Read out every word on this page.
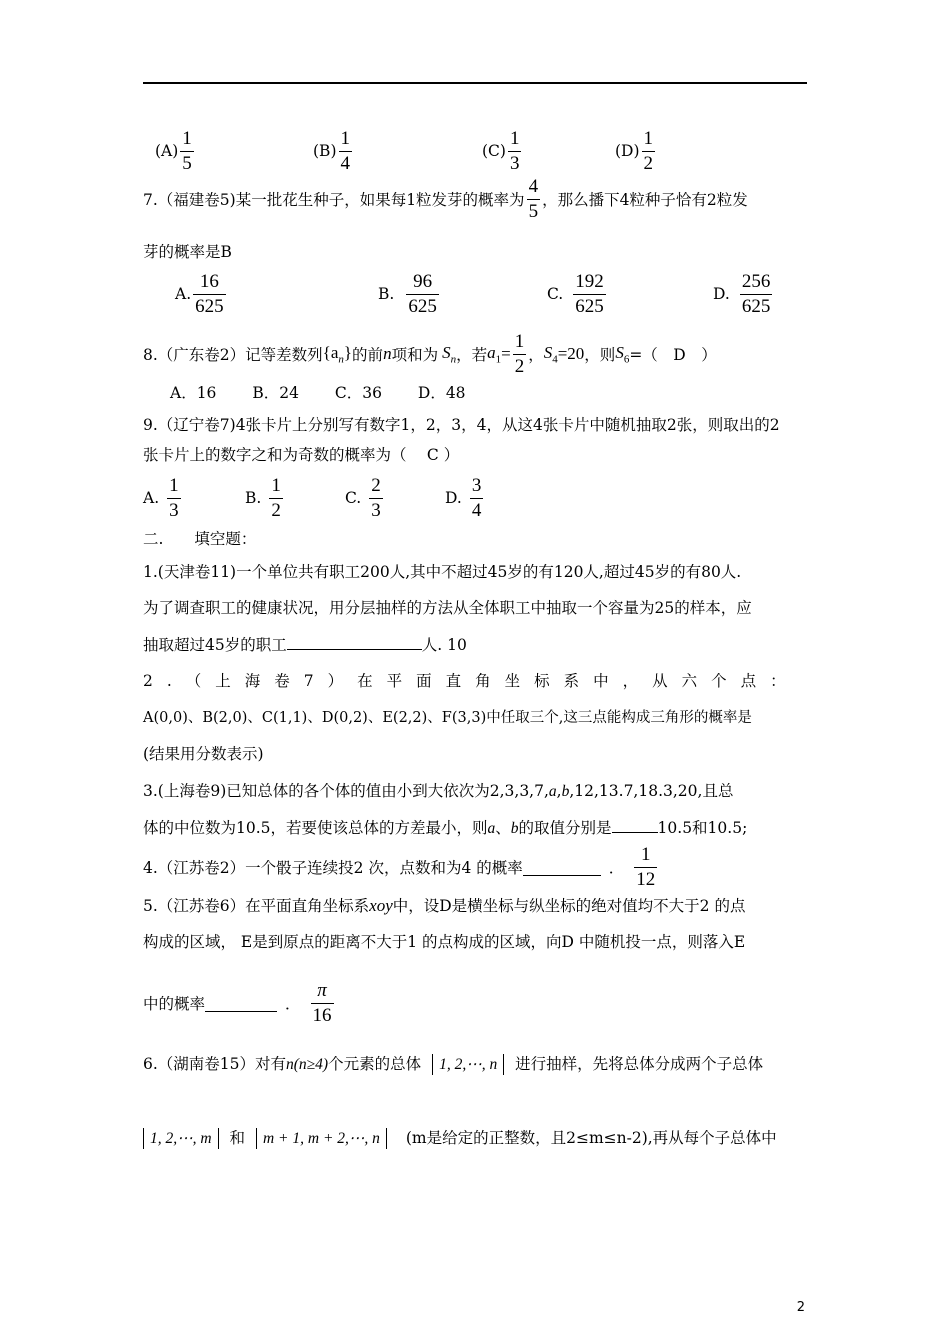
$(A) \frac{1}{5}$	$(B) \frac{1}{4}$	$(C) \frac{1}{3}$	$(D) \frac{1}{2}$
7.（福建卷5)某一批花生种子，如果每1粒发芽的概率为 $\frac{4}{5}$ ，那么播下4粒种子恰有2粒发
芽的概率是B
A. $\frac{16}{625}$	B. $\frac{96}{625}$	C. $\frac{192}{625}$	D. $\frac{256}{625}$
8.（广东卷2）记等差数列 $\{a_n\}$ 的前 n 项和为 $S_n$ ，若 $a_1 = \frac{1}{2}$ ， $S_4 =20$ ，则 $S_6$ =（　D　）
A．16　　 B．24　　 C．36　　 D．48
9.（辽宁卷7)4张卡片上分别写有数字1，2，3，4，从这4张卡片中随机抽取2张，则取出的2
张卡片上的数字之和为奇数的概率为（　 C ）
A. $\frac{1}{3}$	B. $\frac{1}{2}$	C. $\frac{2}{3}$	D. $\frac{3}{4}$
二.　　填空题：
1.(天津卷11)一个单位共有职工200人,其中不超过45岁的有120人,超过45岁的有80人.
为了调查职工的健康状况，用分层抽样的方法从全体职工中抽取一个容量为25的样本，应
抽取超过45岁的职工	人. 10
2.（上海卷7）在平面直角坐标系中，从六个点：
A(0,0)、B(2,0)、C(1,1)、D(0,2)、E(2,2)、F(3,3)中任取三个,这三点能构成三角形的概率是
(结果用分数表示)
3.(上海卷9)已知总体的各个体的值由小到大依次为2,3,3,7,a,b,12,13.7,18.3,20,且总
体的中位数为10.5，若要使该总体的方差最小，则a、b的取值分别是	10.5和10.5;
4.（江苏卷2）一个骰子连续投2 次，点数和为4 的概率	． $\frac{1}{12}$
5.（江苏卷6）在平面直角坐标系xoy中，设D是横坐标与纵坐标的绝对值均不大于2 的点
构成的区域， E是到原点的距离不大于1 的点构成的区域，向D 中随机投一点，则落入E
中的概率	． $\frac{\pi}{16}$
6.（湖南卷15）对有n(n≥4)个元素的总体 1, 2,⋯, n 进行抽样，先将总体分成两个子总体
1, 2,⋯, m 和 m + 1, m + 2,⋯, n (m是给定的正整数，且2≤m≤n-2),再从每个子总体中
2
